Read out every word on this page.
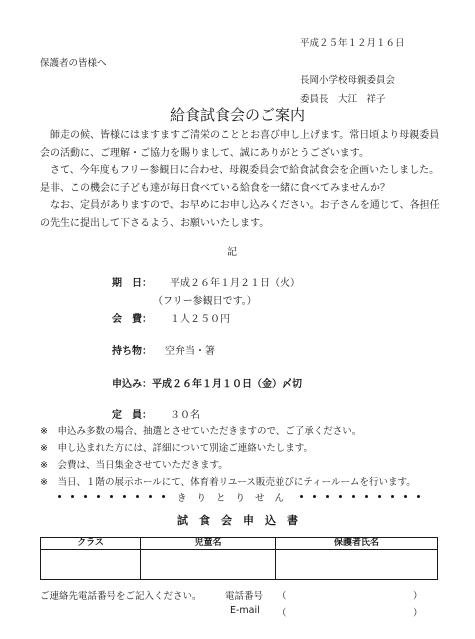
平成２５年１２月１６日
保護者の皆様へ
長岡小学校母親委員会
委員長　大江　祥子
給食試食会のご案内
師走の候、皆様にはますますご清栄のこととお喜び申し上げます。常日頃より母親委員会の活動に、ご理解・ご協力を賜りまして、誠にありがとうございます。
さて、今年度もフリー参観日に合わせ、母親委員会で給食試食会を企画いたしました。是非、この機会に子ども達が毎日食べている給食を一緒に食べてみませんか？
なお、定員がありますので、お早めにお申し込みください。お子さんを通じて、各担任の先生に提出して下さるよう、お願いいたします。
記
期　日： 平成２６年１月２１日（火）
（フリー参観日です。）
会　費： １人２５０円
持ち物： 空弁当・箸
申込み：平成２６年１月１０日（金）〆切
定　員： ３０名
※　申込み多数の場合、抽選とさせていただきますので、ご了承ください。
※　申し込まれた方には、詳細について別途ご連絡いたします。
※　会費は、当日集金させていただきます。
※　当日、１階の展示ホールにて、体育着リユース販売並びにティールームを行います。
きりとりせん
試　食　会　申　込　書
クラス	児童名	保護者氏名

ご連絡先電話番号をご記入ください。 電話番号 （	）
E-mail （	）
